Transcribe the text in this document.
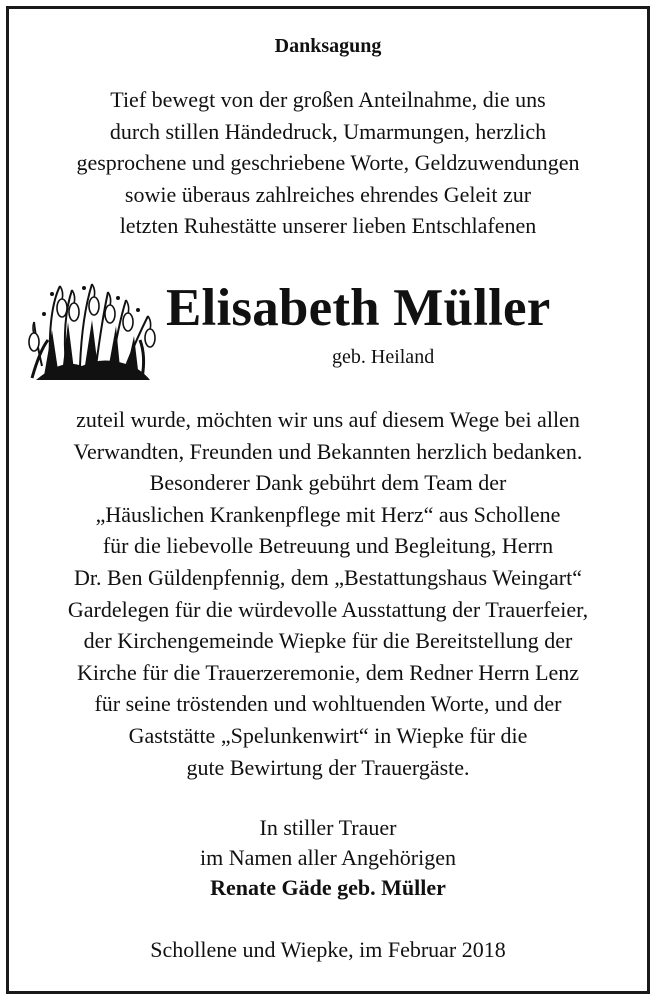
Danksagung
Tief bewegt von der großen Anteilnahme, die uns
durch stillen Händedruck, Umarmungen, herzlich
gesprochene und geschriebene Worte, Geldzuwendungen
sowie überaus zahlreiches ehrendes Geleit zur
letzten Ruhestätte unserer lieben Entschlafenen
Elisabeth Müller
geb. Heiland
zuteil wurde, möchten wir uns auf diesem Wege bei allen
Verwandten, Freunden und Bekannten herzlich bedanken.
Besonderer Dank gebührt dem Team der
„Häuslichen Krankenpflege mit Herz“ aus Schollene
für die liebevolle Betreuung und Begleitung, Herrn
Dr. Ben Güldenpfennig, dem „Bestattungshaus Weingart“
Gardelegen für die würdevolle Ausstattung der Trauerfeier,
der Kirchengemeinde Wiepke für die Bereitstellung der
Kirche für die Trauerzeremonie, dem Redner Herrn Lenz
für seine tröstenden und wohltuenden Worte, und der
Gaststätte „Spelunkenwirt“ in Wiepke für die
gute Bewirtung der Trauergäste.
In stiller Trauer
im Namen aller Angehörigen
Renate Gäde geb. Müller
Schollene und Wiepke, im Februar 2018
